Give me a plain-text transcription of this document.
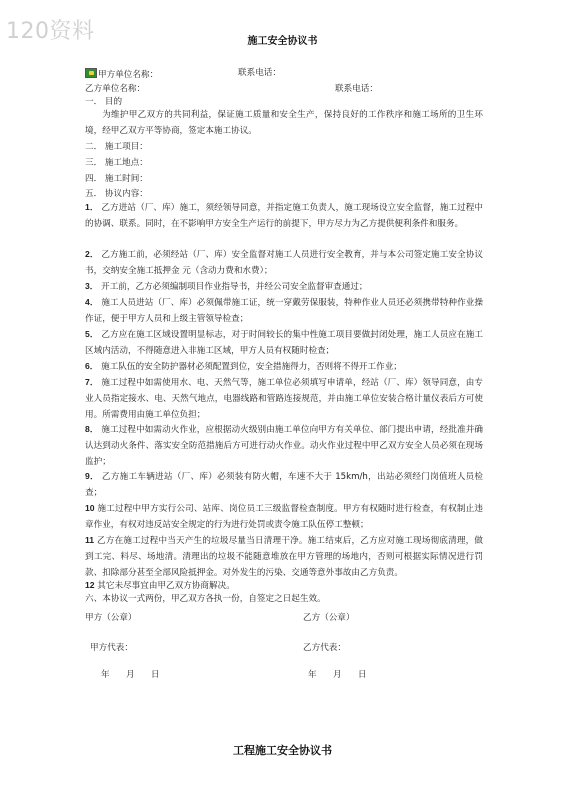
120资料	施工安全协议书
甲方单位名称：	联系电话：
乙方单位名称：	联系电话：
一． 目的
为维护甲乙双方的共同利益，保证施工质量和安全生产，保持良好的工作秩序和施工场所的卫生环境，经甲乙双方平等协商，签定本施工协议。
二． 施工项目：
三． 施工地点：
四． 施工时间：
五． 协议内容：
1． 乙方进站（厂、库）施工，须经领导同意，并指定施工负责人，施工现场设立安全监督，施工过程中的协调、联系。同时，在不影响甲方安全生产运行的前提下，甲方尽力为乙方提供便利条件和服务。
2． 乙方施工前，必须经站（厂、库）安全监督对施工人员进行安全教育，并与本公司签定施工安全协议书，交纳安全施工抵押金 元（含动力费和水费）；
3． 开工前，乙方必须编制项目作业指导书，并经公司安全监督审查通过；
4． 施工人员进站（厂、库）必须佩带施工证，统一穿戴劳保服装，特种作业人员还必须携带特种作业操作证，便于甲方人员和上级主管领导检查；
5． 乙方应在施工区域设置明显标志，对于时间较长的集中性施工项目要做封闭处理，施工人员应在施工区域内活动，不得随意进入非施工区域，甲方人员有权随时检查；
6． 施工队伍的安全防护器材必须配置到位，安全措施得力，否则将不得开工作业；
7． 施工过程中如需使用水、电、天然气等，施工单位必须填写申请单，经站（厂、库）领导同意，由专业人员指定接水、电、天然气地点，电器线路和管路连接规范，并由施工单位安装合格计量仪表后方可使用。所需费用由施工单位负担；
8． 施工过程中如需动火作业，应根据动火级别由施工单位向甲方有关单位、部门提出申请，经批准并确认达到动火条件、落实安全防范措施后方可进行动火作业。动火作业过程中甲乙双方安全人员必须在现场监护；
9． 乙方施工车辆进站（厂、库）必须装有防火帽，车速不大于 15km/h，出站必须经门岗值班人员检查；
10 施工过程中甲方实行公司、站库、岗位员工三级监督检查制度。甲方有权随时进行检查，有权制止违章作业，有权对违反站安全规定的行为进行处罚或责令施工队伍停工整顿；
11 乙方在施工过程中当天产生的垃圾尽量当日清理干净。施工结束后，乙方应对施工现场彻底清理，做到工完、料尽、场地清。清理出的垃圾不能随意堆放在甲方管理的场地内，否则可根据实际情况进行罚款、扣除部分甚至全部风险抵押金。对外发生的污染、交通等意外事故由乙方负责。
12 其它未尽事宜由甲乙双方协商解决。
六、本协议一式两份，甲乙双方各执一份，自签定之日起生效。
甲方（公章）	乙方（公章）
甲方代表：	乙方代表：
年      月      日	年      月      日
工程施工安全协议书
